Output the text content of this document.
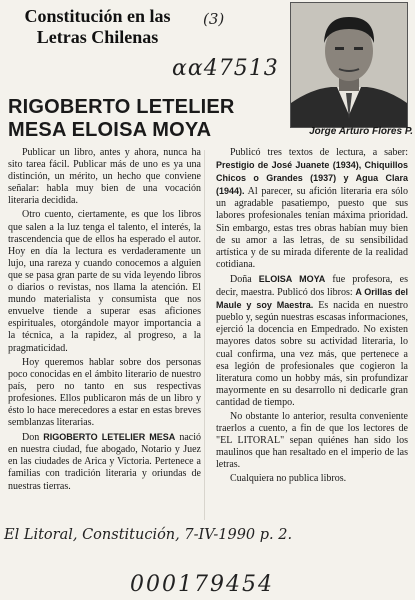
Constitución en las Letras Chilenas
(3)
ɑɑ47513
RIGOBERTO LETELIER MESA ELOISA MOYA	Jorge Arturo Flores P.

Publicar un libro, antes y ahora, nunca ha sito tarea fácil. Publicar más de uno es ya una distinción, un mérito, un hecho que conviene señalar: habla muy bien de una vocación literaria decidida.

Otro cuento, ciertamente, es que los libros que salen a la luz tenga el talento, el interés, la trascendencia que de ellos ha esperado el autor. Hoy en día la lectura es verdaderamente un lujo, una rareza y cuando conocemos a alguien que se pasa gran parte de su vida leyendo libros o diarios o revistas, nos llama la atención. El mundo materialista y consumista que nos envuelve tiende a superar esas aficiones espirituales, otorgándole mayor importancia a la técnica, a la rapidez, al progreso, a la pragmaticidad.

Hoy queremos hablar sobre dos personas poco conocidas en el ámbito literario de nuestro país, pero no tanto en sus respectivas profesiones. Ellos publicaron más de un libro y ésto lo hace merecedores a estar en estas breves semblanzas literarias.

Don RIGOBERTO LETELIER MESA nació en nuestra ciudad, fue abogado, Notario y Juez en las ciudades de Arica y Victoria. Pertenece a familias con tradición literaria y oriundas de nuestras tierras.

Publicó tres textos de lectura, a saber: Prestigio de José Juanete (1934), Chiquillos Chicos o Grandes (1937) y Agua Clara (1944). Al parecer, su afición literaria era sólo un agradable pasatiempo, puesto que sus labores profesionales tenían máxima prioridad. Sin embargo, estas tres obras habían muy bien de su amor a las letras, de su sensibilidad artística y de su mirada diferente de la realidad cotidiana.

Doña ELOISA MOYA fue profesora, es decir, maestra. Publicó dos libros: A Orillas del Maule y soy Maestra. Es nacida en nuestro pueblo y, según nuestras escasas informaciones, ejerció la docencia en Empedrado. No existen mayores datos sobre su actividad literaria, lo cual confirma, una vez más, que pertenece a esa legión de profesionales que cogieron la literatura como un hobby más, sin profundizar mayormente en su desarrollo ni dedicarle gran cantidad de tiempo.

No obstante lo anterior, resulta conveniente traerlos a cuento, a fin de que los lectores de "EL LITORAL" sepan quiénes han sido los maulinos que han resaltado en el imperio de las letras.

Cualquiera no publica libros.

El Litoral, Constitución, 7-IV-1990 p. 2.
000179454
